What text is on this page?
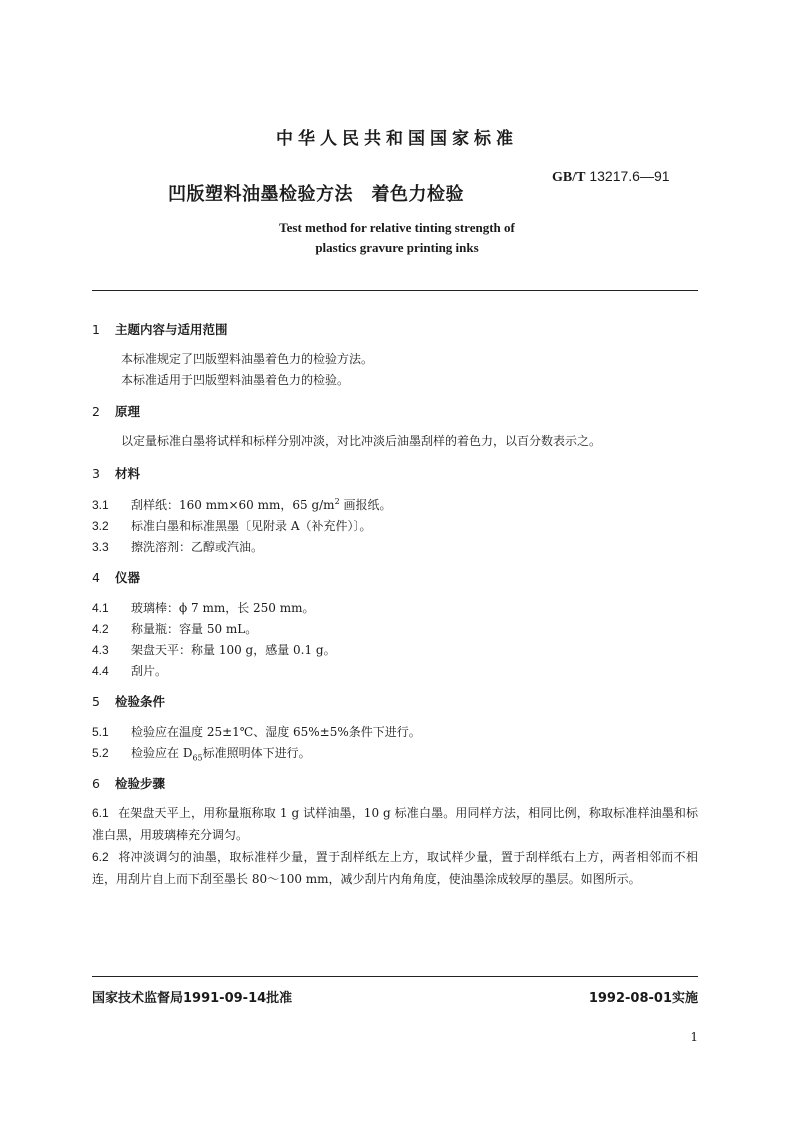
中华人民共和国国家标准
凹版塑料油墨检验方法　着色力检验
GB/T 13217.6—91
Test method for relative tinting strength of
plastics gravure printing inks
1 主题内容与适用范围
本标准规定了凹版塑料油墨着色力的检验方法。
本标准适用于凹版塑料油墨着色力的检验。
2 原理
以定量标准白墨将试样和标样分别冲淡，对比冲淡后油墨刮样的着色力，以百分数表示之。
3 材料
3.1 刮样纸：160 mm×60 mm，65 $g/m^2$ 画报纸。
3.2 标准白墨和标准黑墨〔见附录 A（补充件）〕。
3.3 擦洗溶剂：乙醇或汽油。
4 仪器
4.1 玻璃棒：ϕ 7 mm，长 250 mm。
4.2 称量瓶：容量 50 mL。
4.3 架盘天平：称量 100 g，感量 0.1 g。
4.4 刮片。
5 检验条件
5.1 检验应在温度 25±1℃、湿度 65%±5%条件下进行。
5.2 检验应在 $D_{65}$标准照明体下进行。
6 检验步骤

6.1 在架盘天平上，用称量瓶称取 1 g 试样油墨，10 g 标准白墨。用同样方法，相同比例，称取标准样油墨和标准白黑，用玻璃棒充分调匀。

6.2 将冲淡调匀的油墨，取标准样少量，置于刮样纸左上方，取试样少量，置于刮样纸右上方，两者相邻而不相连，用刮片自上而下刮至墨长 80～100 mm，减少刮片内角角度，使油墨涂成较厚的墨层。如图所示。

国家技术监督局1991-09-14批准	1992-08-01实施
1
